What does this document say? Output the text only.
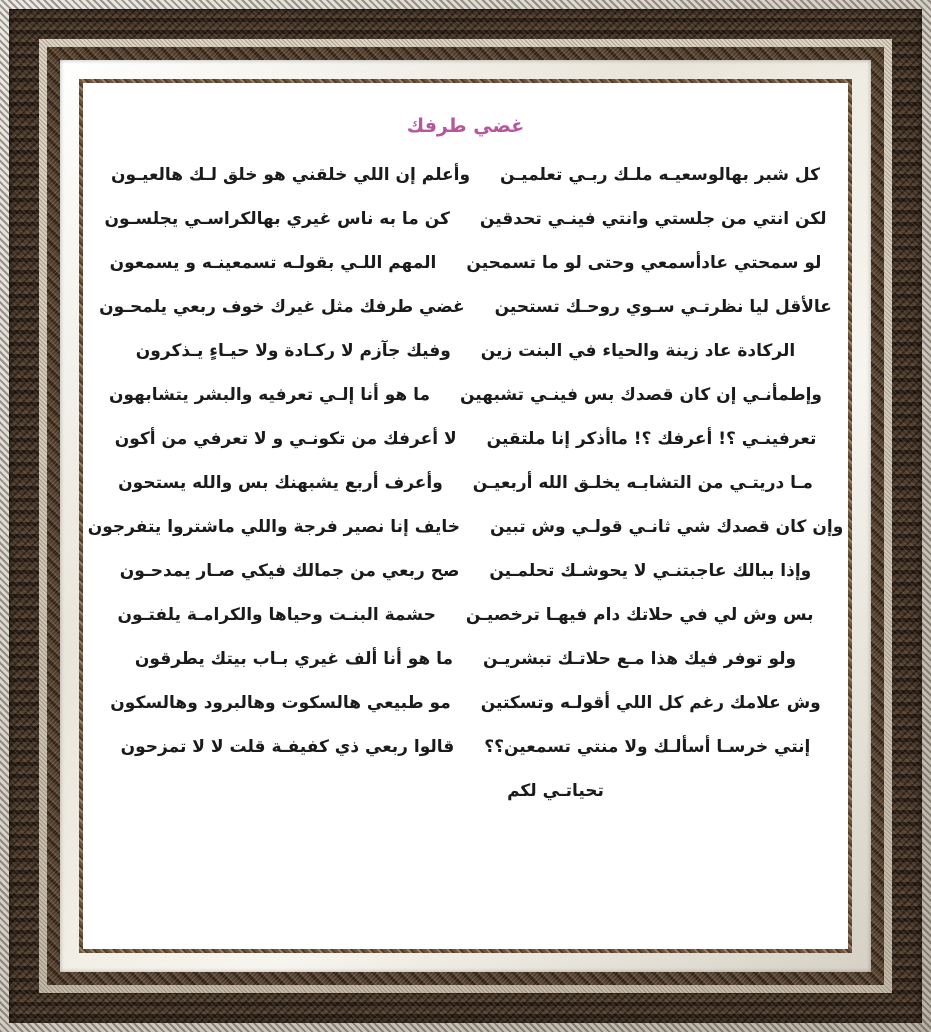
غضي طرفك
كل شبر بهالوسعيـه ملـك ربـي تعلميـن
وأعلم إن اللي خلقني هو خلق لـك هالعيـون
لكن انتي من جلستي وانتي فينـي تحدقين
كن ما به ناس غيري بهالكراسـي يجلسـون
لو سمحتي عادأسمعي وحتى لو ما تسمحين
المهم اللـي بقولـه تسمعينـه و يسمعون
عالأقل ليا نظرتـي سـوي روحـك تستحين
غضي طرفك مثل غيرك خوف ربعي يلمحـون
الركادة عاد زينة والحياء في البنت زين
وفيك جآزم لا ركـادة ولا حيـاءٍ يـذكرون
وإطمأنـي إن كان قصدك بس فينـي تشبهين
ما هو أنا إلـي تعرفيه والبشر يتشابهون
تعرفينـي ؟! أعرفك ؟! ماأذكر إنا ملتقين
لا أعرفك من تكونـي و لا تعرفي من أكون
مـا دريتـي من التشابـه يخلـق الله أربعيـن
وأعرف أربع يشبهنك بس والله يستحون
وإن كان قصدك شي ثانـي قولـي وش تبين
خايف إنا نصير فرجة واللي ماشتروا يتفرجون
وإذا ببالك عاجبتنـي لا يحوشـك تحلمـين
صح ربعي من جمالك فيكي صـار يمدحـون
بس وش لي في حلاتك دام فيهـا ترخصيـن
حشمة البنـت وحياها والكرامـة يلفتـون
ولو توفر فيك هذا مـع حلاتـك تبشريـن
ما هو أنا ألف غيري بـاب بيتك يطرقون
وش علامك رغم كل اللي أقولـه وتسكتين
مو طبيعي هالسكوت وهالبرود وهالسكون
إنتي خرسـا أسألـك ولا منتي تسمعين؟؟
قالوا ربعي ذي كفيفـة قلت لا لا تمزحون
تحياتـي لكم
